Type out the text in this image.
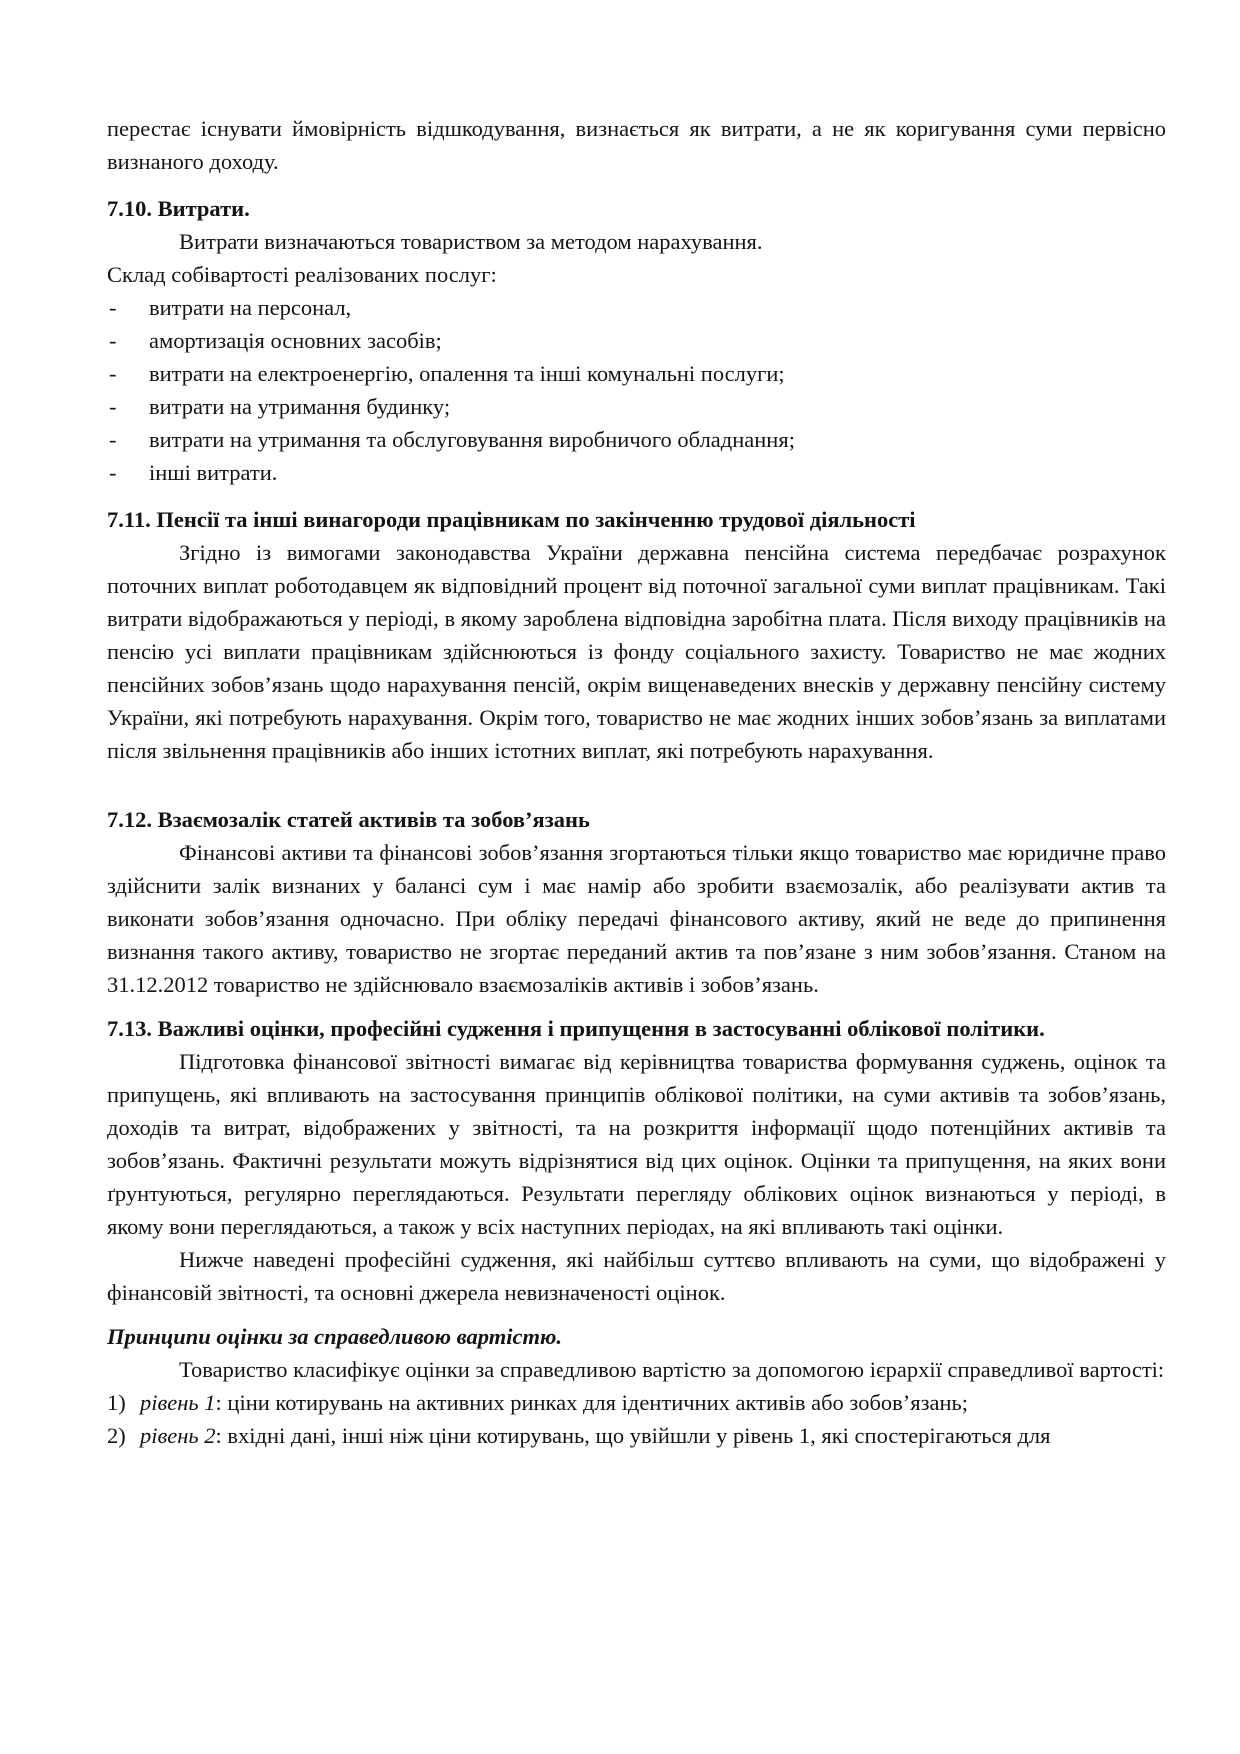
перестає існувати ймовірність відшкодування, визнається як витрати, а не як коригування суми первісно визнаного доходу.

7.10. Витрати.

Витрати визначаються товариством за методом нарахування.

Склад собівартості реалізованих послуг:

- витрати на персонал,
- амортизація основних засобів;
- витрати на електроенергію, опалення та інші комунальні послуги;
- витрати на утримання будинку;
- витрати на утримання та обслуговування виробничого обладнання;
- інші витрати.
7.11. Пенсії та інші винагороди працівникам по закінченню трудової діяльності

Згідно із вимогами законодавства України державна пенсійна система передбачає розрахунок поточних виплат роботодавцем як відповідний процент від поточної загальної суми виплат працівникам. Такі витрати відображаються у періоді, в якому зароблена відповідна заробітна плата. Після виходу працівників на пенсію усі виплати працівникам здійснюються із фонду соціального захисту. Товариство не має жодних пенсійних зобов’язань щодо нарахування пенсій, окрім вищенаведених внесків у державну пенсійну систему України, які потребують нарахування. Окрім того, товариство не має жодних інших зобов’язань за виплатами після звільнення працівників або інших істотних виплат, які потребують нарахування.

7.12. Взаємозалік статей активів та зобов’язань

Фінансові активи та фінансові зобов’язання згортаються тільки якщо товариство має юридичне право здійснити залік визнаних у балансі сум і має намір або зробити взаємозалік, або реалізувати актив та виконати зобов’язання одночасно. При обліку передачі фінансового активу, який не веде до припинення визнання такого активу, товариство не згортає переданий актив та пов’язане з ним зобов’язання. Станом на 31.12.2012 товариство не здійснювало взаємозаліків активів і зобов’язань.

7.13. Важливі оцінки, професійні судження і припущення в застосуванні облікової політики.

Підготовка фінансової звітності вимагає від керівництва товариства формування суджень, оцінок та припущень, які впливають на застосування принципів облікової політики, на суми активів та зобов’язань, доходів та витрат, відображених у звітності, та на розкриття інформації щодо потенційних активів та зобов’язань. Фактичні результати можуть відрізнятися від цих оцінок. Оцінки та припущення, на яких вони ґрунтуються, регулярно переглядаються. Результати перегляду облікових оцінок визнаються у періоді, в якому вони переглядаються, а також у всіх наступних періодах, на які впливають такі оцінки.

Нижче наведені професійні судження, які найбільш суттєво впливають на суми, що відображені у фінансовій звітності, та основні джерела невизначеності оцінок.

Принципи оцінки за справедливою вартістю.

Товариство класифікує оцінки за справедливою вартістю за допомогою ієрархії справедливої вартості:

1) рівень 1: ціни котирувань на активних ринках для ідентичних активів або зобов’язань;
2) рівень 2: вхідні дані, інші ніж ціни котирувань, що увійшли у рівень 1, які спостерігаються для
